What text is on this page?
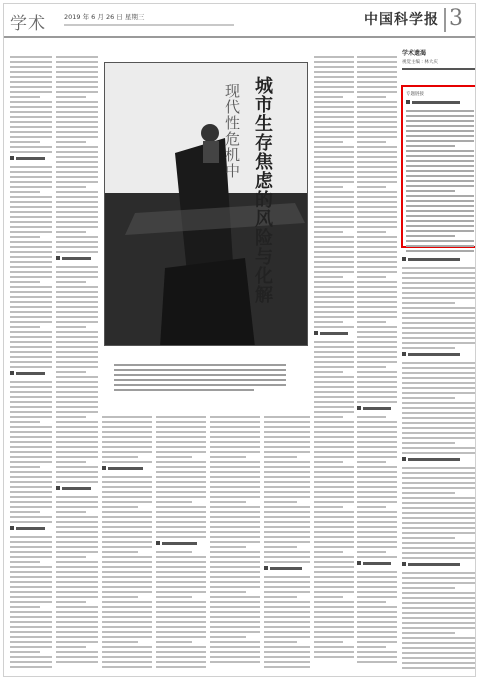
学术	2019 年 6 月 26 日 星期三	中国科学报 3
现代性危机中
城市生存焦虑的风险与化解
学术遗渴
视觉主编 : 林大庆
专题链接
